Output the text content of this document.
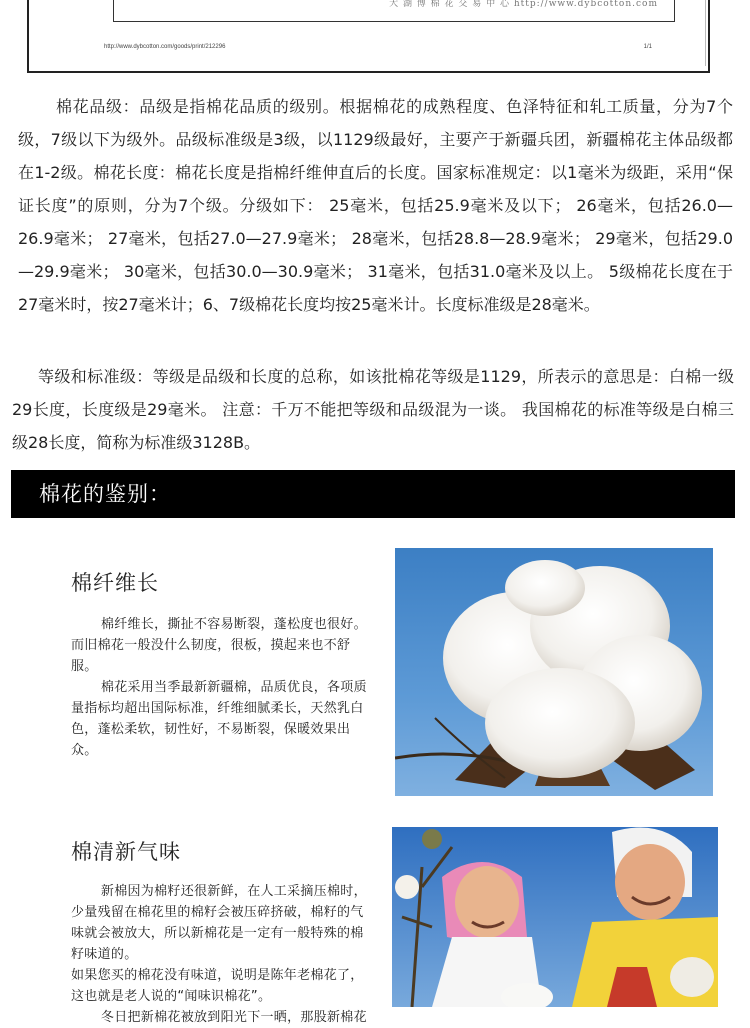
大 湖 博 棉 花 交 易 中 心 http://www.dybcotton.com
http://www.dybcotton.com/goods/print/212296	1/1

棉花品级：品级是指棉花品质的级别。根据棉花的成熟程度、色泽特征和轧工质量，分为7个级，7级以下为级外。品级标准级是3级，以1129级最好，主要产于新疆兵团，新疆棉花主体品级都在1-2级。棉花长度：棉花长度是指棉纤维伸直后的长度。国家标准规定：以1毫米为级距，采用“保证长度”的原则，分为7个级。分级如下： 25毫米，包括25.9毫米及以下； 26毫米，包括26.0—26.9毫米； 27毫米，包括27.0—27.9毫米； 28毫米，包括28.8—28.9毫米； 29毫米，包括29.0—29.9毫米； 30毫米，包括30.0—30.9毫米； 31毫米，包括31.0毫米及以上。 5级棉花长度在于27毫米时，按27毫米计；6、7级棉花长度均按25毫米计。长度标准级是28毫米。

等级和标准级：等级是品级和长度的总称，如该批棉花等级是1129，所表示的意思是：白棉一级29长度，长度级是29毫米。 注意：千万不能把等级和品级混为一谈。 我国棉花的标准等级是白棉三级28长度，简称为标准级3128B。

棉花的鉴别：
棉纤维长

棉纤维长，撕扯不容易断裂，蓬松度也很好。而旧棉花一般没什么韧度，很板，摸起来也不舒服。

棉花采用当季最新新疆棉，品质优良，各项质量指标均超出国际标准，纤维细腻柔长，天然乳白色，蓬松柔软，韧性好，不易断裂，保暖效果出众。

棉清新气味

新棉因为棉籽还很新鲜，在人工采摘压棉时，少量残留在棉花里的棉籽会被压碎挤破，棉籽的气味就会被放大，所以新棉花是一定有一般特殊的棉籽味道的。

如果您买的棉花没有味道，说明是陈年老棉花了，这也就是老人说的“闻味识棉花”。

冬日把新棉花被放到阳光下一晒，那股新棉花
